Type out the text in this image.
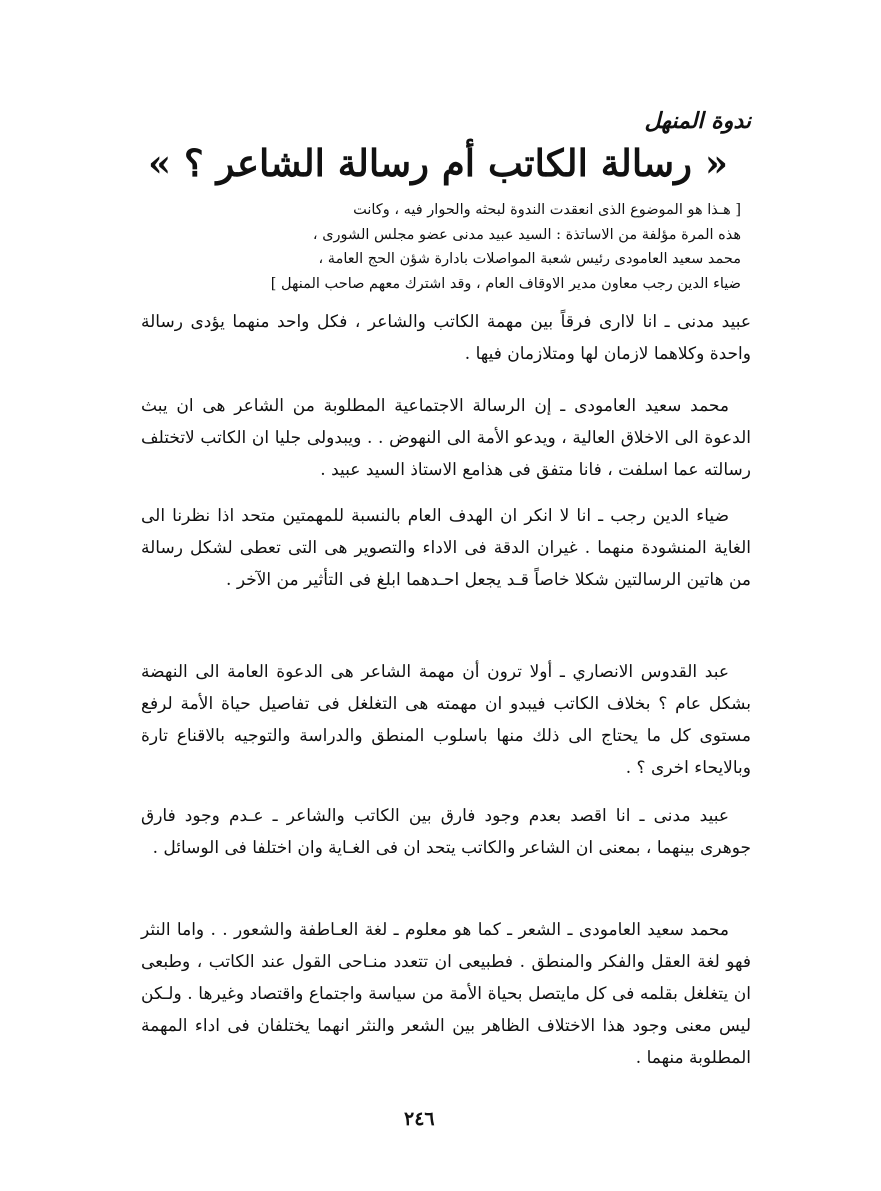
ندوة المنهل
« رسالة الكاتب أم رسالة الشاعر ؟ »

[ هـذا هو الموضوع الذى انعقدت الندوة لبحثه والحوار فيه ، وكانت

هذه المرة مؤلفة من الاساتذة : السيد عبيد مدنى عضو مجلس الشورى ،

محمد سعيد العامودى رئيس شعبة المواصلات بادارة شؤن الحج العامة ،

ضياء الدين رجب معاون مدير الاوقاف العام ، وقد اشترك معهم صاحب المنهل ]

عبيد مدنى ـ انا لاارى فرقاً بين مهمة الكاتب والشاعر ، فكل واحد منهما يؤدى رسالة واحدة وكلاهما لازمان لها ومتلازمان فيها .

محمد سعيد العامودى ـ إن الرسالة الاجتماعية المطلوبة من الشاعر هى ان يبث الدعوة الى الاخلاق العالية ، ويدعو الأمة الى النهوض . . ويبدولى جليا ان الكاتب لاتختلف رسالته عما اسلفت ، فانا متفق فى هذامع الاستاذ السيد عبيد .

ضياء الدين رجب ـ انا لا انكر ان الهدف العام بالنسبة للمهمتين متحد اذا نظرنا الى الغاية المنشودة منهما . غيران الدقة فى الاداء والتصوير هى التى تعطى لشكل رسالة من هاتين الرسالتين شكلا خاصاً قـد يجعل احـدهما ابلغ فى التأثير من الآخر .

عبد القدوس الانصاري ـ أولا ترون أن مهمة الشاعر هى الدعوة العامة الى النهضة بشكل عام ؟ بخلاف الكاتب فيبدو ان مهمته هى التغلغل فى تفاصيل حياة الأمة لرفع مستوى كل ما يحتاج الى ذلك منها باسلوب المنطق والدراسة والتوجيه بالاقناع تارة وبالايحاء اخرى ؟ .

عبيد مدنى ـ انا اقصد بعدم وجود فارق بين الكاتب والشاعر ـ عـدم وجود فارق جوهرى بينهما ، بمعنى ان الشاعر والكاتب يتحد ان فى الغـاية وان اختلفا فى الوسائل .

محمد سعيد العامودى ـ الشعر ـ كما هو معلوم ـ لغة العـاطفة والشعور . . واما النثر فهو لغة العقل والفكر والمنطق . فطبيعى ان تتعدد منـاحى القول عند الكاتب ، وطبعى ان يتغلغل بقلمه فى كل مايتصل بحياة الأمة من سياسة واجتماع واقتصاد وغيرها . ولـكن ليس معنى وجود هذا الاختلاف الظاهر بين الشعر والنثر انهما يختلفان فى اداء المهمة المطلوبة منهما .

٢٤٦
